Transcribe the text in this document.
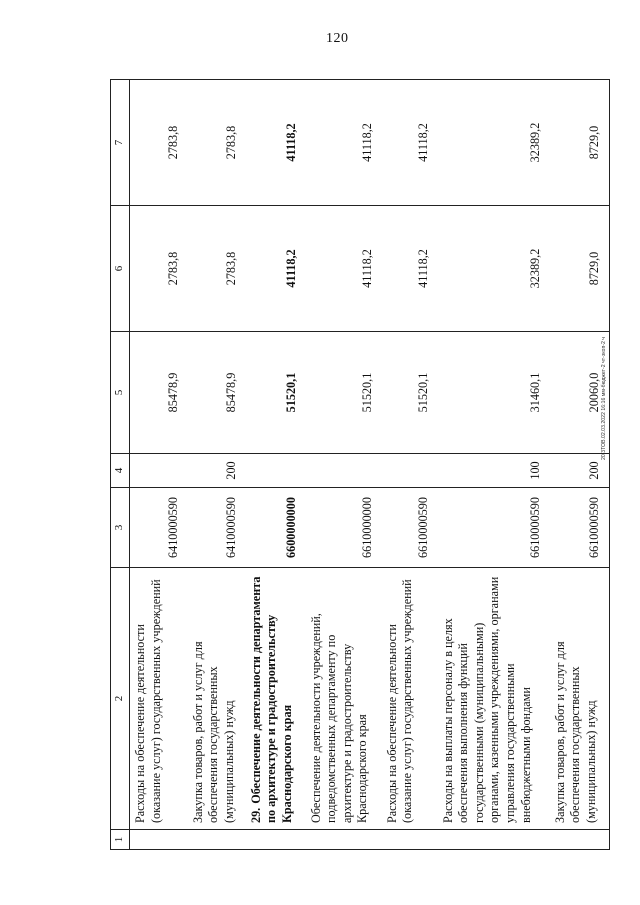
120
20.3ТОВ.02.03.2022 16:16 мм-бюджет-2 чт-зкоп-2 ч
1	2	3	4	5	6	7
	Расходы на обеспечение деятельности (оказание услуг) государственных учреждений	6410000590		85478,9	2783,8	2783,8
	Закупка товаров, работ и услуг для обеспечения государственных (муниципальных) нужд	6410000590	200	85478,9	2783,8	2783,8
	29.Обеспечение деятельности департамента по архитектуре и градостроительству Краснодарского края	6600000000		51520,1	41118,2	41118,2
	Обеспечение деятельности учреждений, подведомственных департаменту по архитектуре и градостроительству Краснодарского края	6610000000		51520,1	41118,2	41118,2
	Расходы на обеспечение деятельности (оказание услуг) государственных учреждений	6610000590		51520,1	41118,2	41118,2
	Расходы на выплаты персоналу в целях обеспечения выполнения функций государственными (муниципальными) органами, казенными учреждениями, органами управления государственными внебюджетными фондами	6610000590	100	31460,1	32389,2	32389,2
	Закупка товаров, работ и услуг для обеспечения государственных (муниципальных) нужд	6610000590	200	20060,0	8729,0	8729,0
